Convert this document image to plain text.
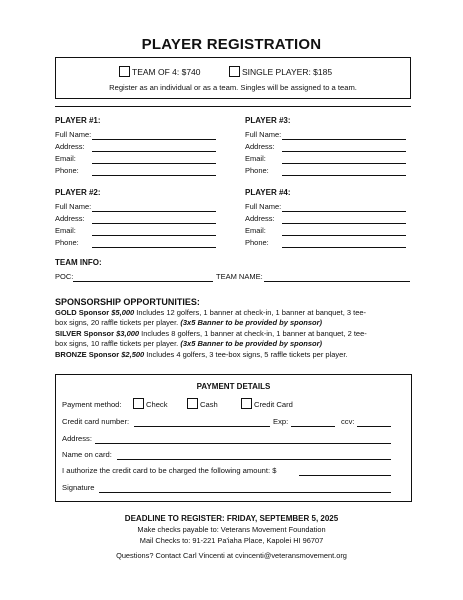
PLAYER REGISTRATION
TEAM OF 4: $740	SINGLE PLAYER: $185
Register as an individual or as a team. Singles will be assigned to a team.
PLAYER #1:
Full Name:
Address:
Email:
Phone:
PLAYER #3:
Full Name:
Address:
Email:
Phone:
PLAYER #2:
Full Name:
Address:
Email:
Phone:
PLAYER #4:
Full Name:
Address:
Email:
Phone:
TEAM INFO:
POC:	TEAM NAME:
SPONSORSHIP OPPORTUNITIES:
GOLD Sponsor $5,000 Includes 12 golfers, 1 banner at check-in, 1 banner at banquet, 3 tee-
box signs, 20 raffle tickets per player. (3x5 Banner to be provided by sponsor)
SILVER Sponsor $3,000 Includes 8 golfers, 1 banner at check-in, 1 banner at banquet, 2 tee-
box signs, 10 raffle tickets per player. (3x5 Banner to be provided by sponsor)
BRONZE Sponsor $2,500 Includes 4 golfers, 3 tee-box signs, 5 raffle tickets per player.
PAYMENT DETAILS
Payment method:	Check	Cash	Credit Card
Credit card number:	Exp:	ccv:
Address:
Name on card:
I authorize the credit card to be charged the following amount: $
Signature
DEADLINE TO REGISTER: FRIDAY, SEPTEMBER 5, 2025
Make checks payable to: Veterans Movement Foundation
Mail Checks to: 91-221 Pa'iaha Place, Kapolei HI 96707
Questions? Contact Carl Vincenti at cvincenti@veteransmovement.org
